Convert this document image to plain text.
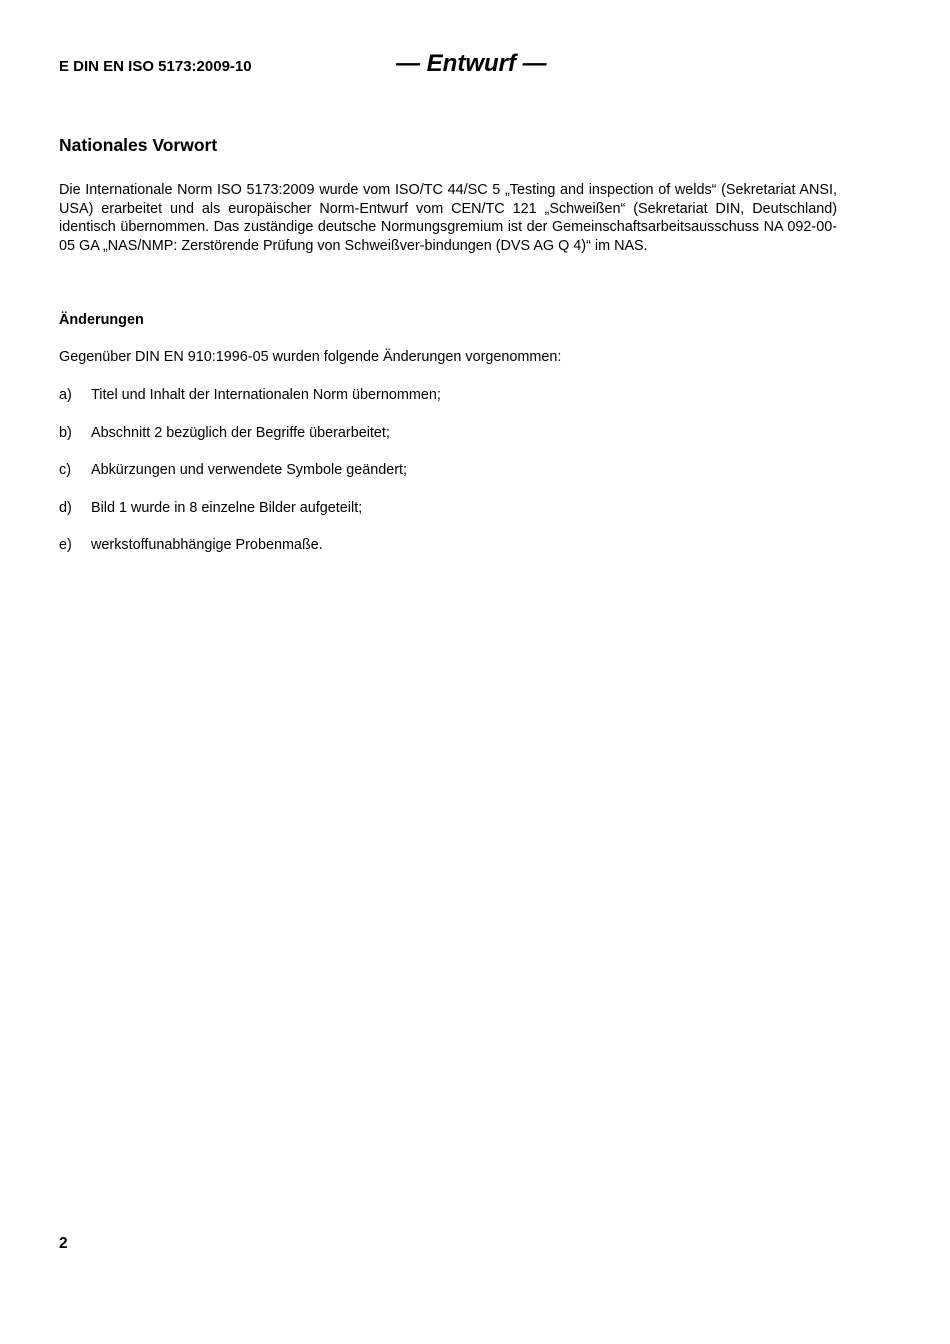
E DIN EN ISO 5173:2009-10	— Entwurf —
Nationales Vorwort

Die Internationale Norm ISO 5173:2009 wurde vom ISO/TC 44/SC 5 „Testing and inspection of welds“ (Sekretariat ANSI, USA) erarbeitet und als europäischer Norm-Entwurf vom CEN/TC 121 „Schweißen“ (Sekretariat DIN, Deutschland) identisch übernommen. Das zuständige deutsche Normungsgremium ist der Gemeinschaftsarbeitsausschuss NA 092-00-05 GA „NAS/NMP: Zerstörende Prüfung von Schweißver-bindungen (DVS AG Q 4)“ im NAS.

Änderungen
Gegenüber DIN EN 910:1996-05 wurden folgende Änderungen vorgenommen:
a)	Titel und Inhalt der Internationalen Norm übernommen;
b)	Abschnitt 2 bezüglich der Begriffe überarbeitet;
c)	Abkürzungen und verwendete Symbole geändert;
d)	Bild 1 wurde in 8 einzelne Bilder aufgeteilt;
e)	werkstoffunabhängige Probenmaße.
2
